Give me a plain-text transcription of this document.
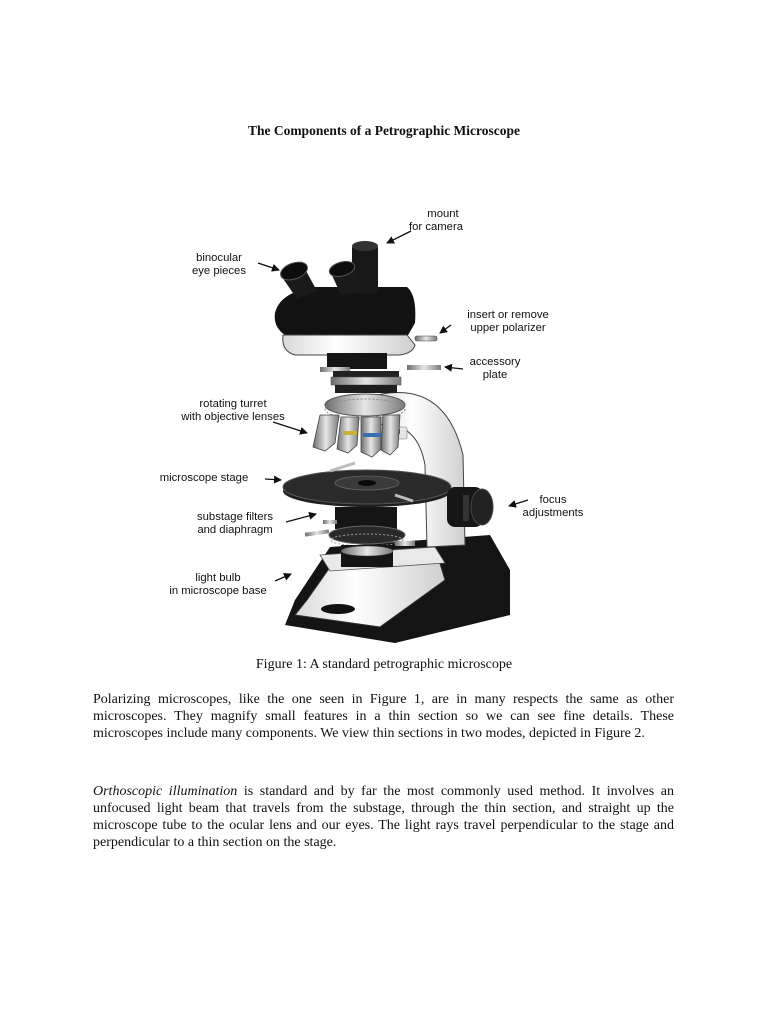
The Components of a Petrographic Microscope
mount
for camera
binocular
eye pieces
insert or remove
upper polarizer
accessory
plate
rotating turret
with objective lenses
microscope stage
focus
adjustments
substage filters
and diaphragm
light bulb
in microscope base
Figure 1: A standard petrographic microscope

Polarizing microscopes, like the one seen in Figure 1, are in many respects the same as other microscopes. They magnify small features in a thin section so we can see fine details. These microscopes include many components. We view thin sections in two modes, depicted in Figure 2.

Orthoscopic illumination is standard and by far the most commonly used method. It involves an unfocused light beam that travels from the substage, through the thin section, and straight up the microscope tube to the ocular lens and our eyes. The light rays travel perpendicular to the stage and perpendicular to a thin section on the stage.
